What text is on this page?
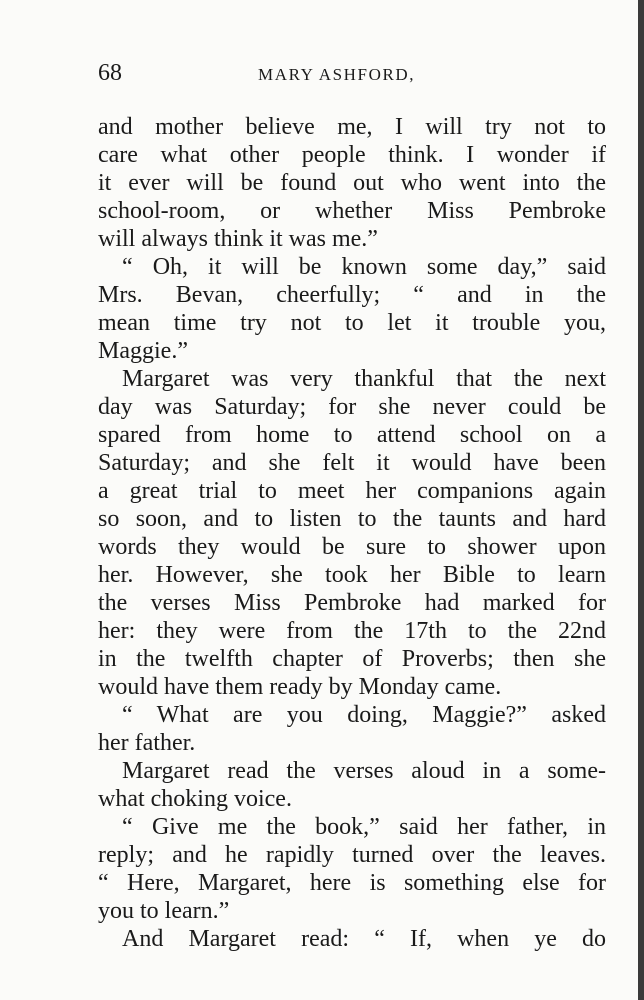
68	MARY ASHFORD,
and mother believe me, I will try not to
care what other people think. I wonder if
it ever will be found out who went into the
school-room, or whether Miss Pembroke
will always think it was me.”
“ Oh, it will be known some day,” said
Mrs. Bevan, cheerfully; “ and in the
mean time try not to let it trouble you,
Maggie.”
Margaret was very thankful that the next
day was Saturday; for she never could be
spared from home to attend school on a
Saturday; and she felt it would have been
a great trial to meet her companions again
so soon, and to listen to the taunts and hard
words they would be sure to shower upon
her. However, she took her Bible to learn
the verses Miss Pembroke had marked for
her: they were from the 17th to the 22nd
in the twelfth chapter of Proverbs; then she
would have them ready by Monday came.
“ What are you doing, Maggie?” asked
her father.
Margaret read the verses aloud in a some-
what choking voice.
“ Give me the book,” said her father, in
reply; and he rapidly turned over the leaves.
“ Here, Margaret, here is something else for
you to learn.”
And Margaret read: “ If, when ye do
